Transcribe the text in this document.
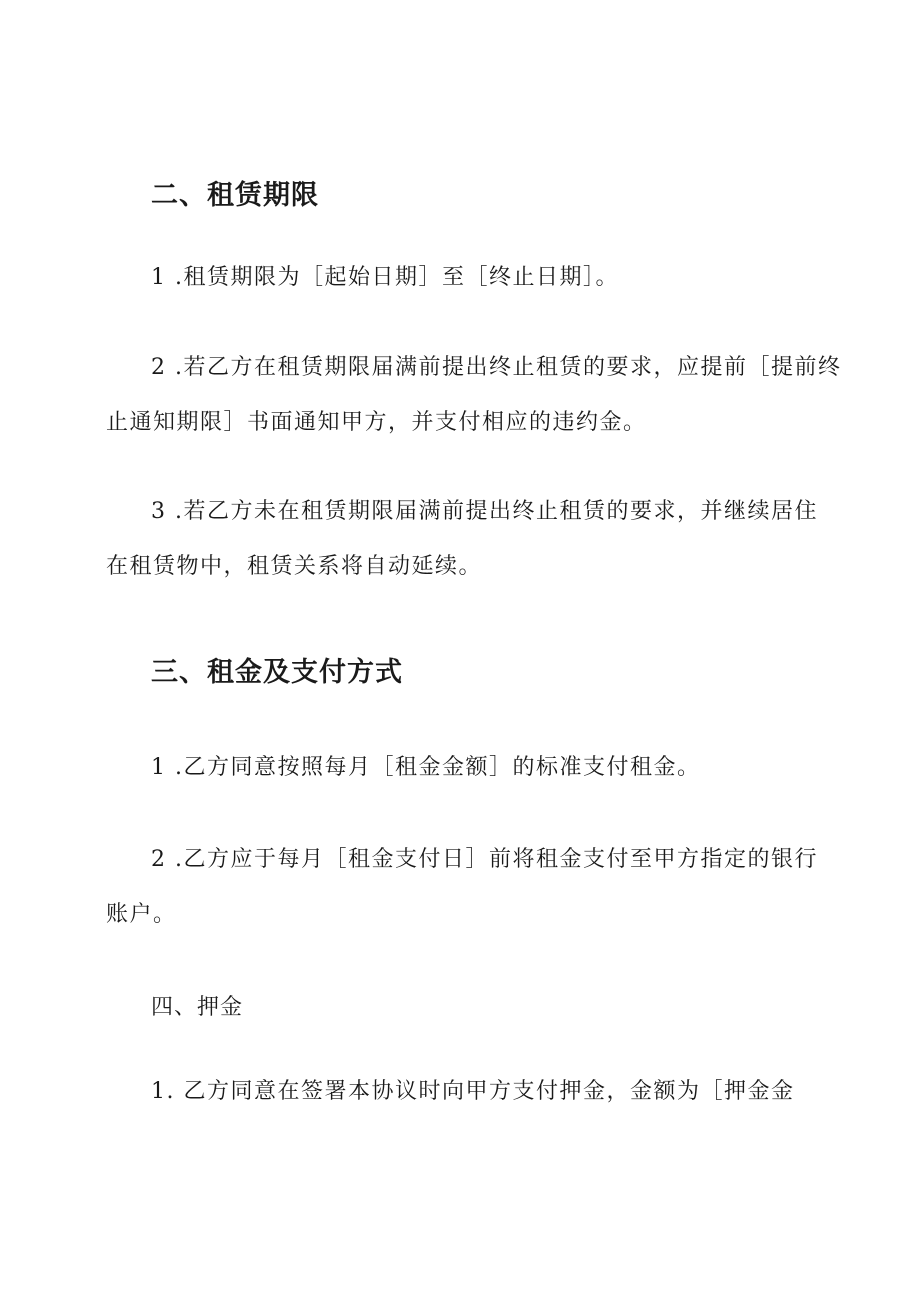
二、租赁期限

1 .租赁期限为［起始日期］至［终止日期］。

2 .若乙方在租赁期限届满前提出终止租赁的要求，应提前［提前终
止通知期限］书面通知甲方，并支付相应的违约金。

3 .若乙方未在租赁期限届满前提出终止租赁的要求，并继续居住
在租赁物中，租赁关系将自动延续。

三、租金及支付方式

1 .乙方同意按照每月［租金金额］的标准支付租金。

2 .乙方应于每月［租金支付日］前将租金支付至甲方指定的银行
账户。

四、押金

1. 乙方同意在签署本协议时向甲方支付押金，金额为［押金金
